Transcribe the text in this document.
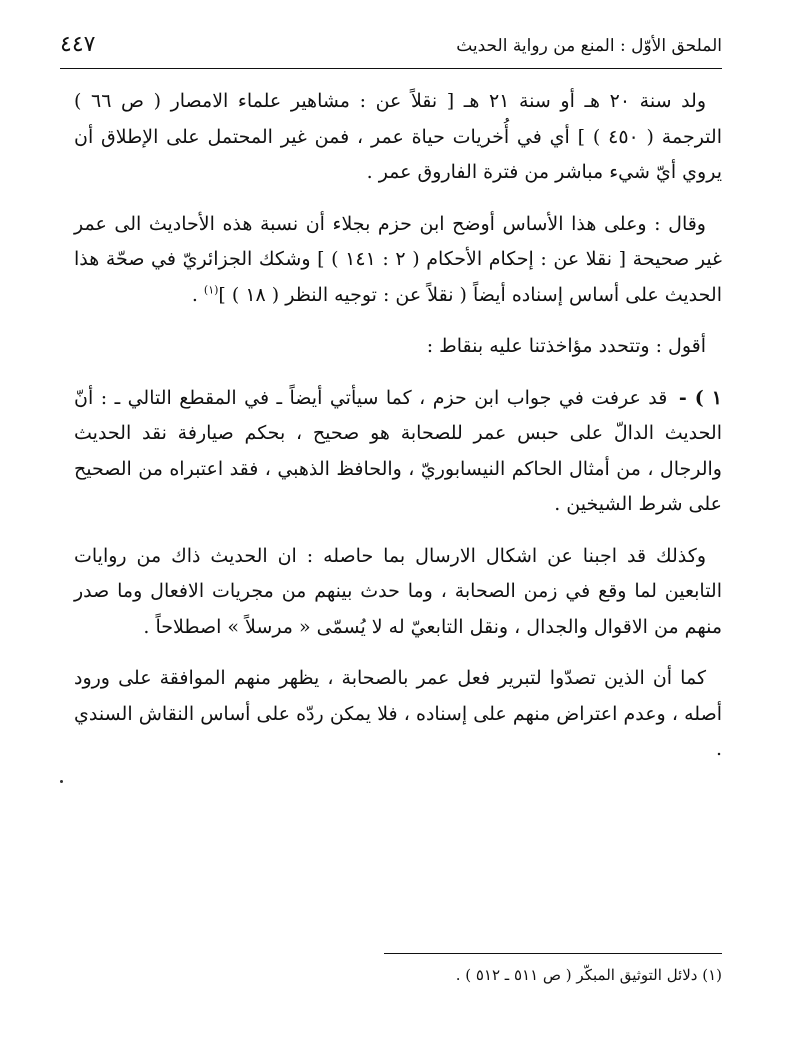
الملحق الأوّل : المنع من رواية الحديث
٤٤٧

ولد سنة ٢٠ هـ أو سنة ٢١ هـ [ نقلاً عن : مشاهير علماء الامصار ( ص ٦٦ ) الترجمة ( ٤٥٠ ) ] أي في أُخريات حياة عمر ، فمن غير المحتمل على الإطلاق أن يروي أيّ شيء مباشر من فترة الفاروق عمر .

وقال : وعلى هذا الأساس أوضح ابن حزم بجلاء أن نسبة هذه الأحاديث الى عمر غير صحيحة [ نقلا عن : إحكام الأحكام ( ٢ : ١٤١ ) ] وشكك الجزائريّ في صحّة هذا الحديث على أساس إسناده أيضاً ( نقلاً عن : توجيه النظر ( ١٨ ) ]$^{(١)}$ .

أقول : وتتحدد مؤاخذتنا عليه بنقاط :

١ ) - قد عرفت في جواب ابن حزم ، كما سيأتي أيضاً ـ في المقطع التالي ـ : أنّ الحديث الدالّ على حبس عمر للصحابة هو صحيح ، بحكم صيارفة نقد الحديث والرجال ، من أمثال الحاكم النيسابوريّ ، والحافظ الذهبي ، فقد اعتبراه من الصحيح على شرط الشيخين .

وكذلك قد اجبنا عن اشكال الارسال بما حاصله : ان الحديث ذاك من روايات التابعين لما وقع في زمن الصحابة ، وما حدث بينهم من مجريات الافعال وما صدر منهم من الاقوال والجدال ، ونقل التابعيّ له لا يُسمّى « مرسلاً » اصطلاحاً .

كما أن الذين تصدّوا لتبرير فعل عمر بالصحابة ، يظهر منهم الموافقة على ورود أصله ، وعدم اعتراض منهم على إسناده ، فلا يمكن ردّه على أساس النقاش السندي .

(١) دلائل التوثيق المبكّر ( ص ٥١١ ـ ٥١٢ ) .
